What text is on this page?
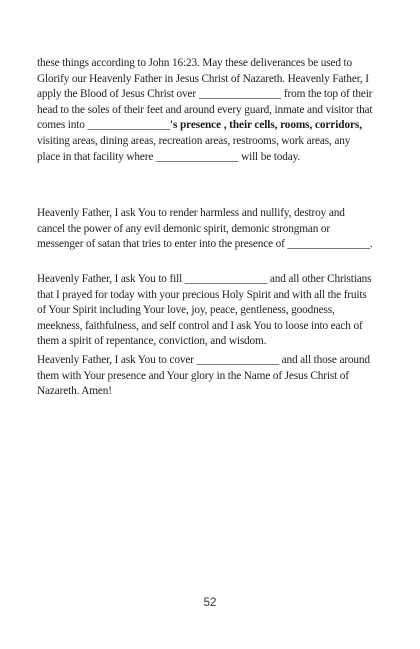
these things according to John 16:23. May these deliverances be used to Glorify our Heavenly Father in Jesus Christ of Nazareth. Heavenly Father, I apply the Blood of Jesus Christ over _______________ from the top of their head to the soles of their feet and around every guard, inmate and visitor that comes into _______________'s presence , their cells, rooms, corridors, visiting areas, dining areas, recreation areas, restrooms, work areas, any place in that facility where _______________ will be today.

Heavenly Father, I ask You to render harmless and nullify, destroy and cancel the power of any evil demonic spirit, demonic strongman or messenger of satan that tries to enter into the presence of _______________.

Heavenly Father, I ask You to fill _______________ and all other Christians that I prayed for today with your precious Holy Spirit and with all the fruits of Your Spirit including Your love, joy, peace, gentleness, goodness, meekness, faithfulness, and self control and I ask You to loose into each of them a spirit of repentance, conviction, and wisdom.

Heavenly Father, I ask You to cover _______________ and all those around them with Your presence and Your glory in the Name of Jesus Christ of Nazareth. Amen!

52
